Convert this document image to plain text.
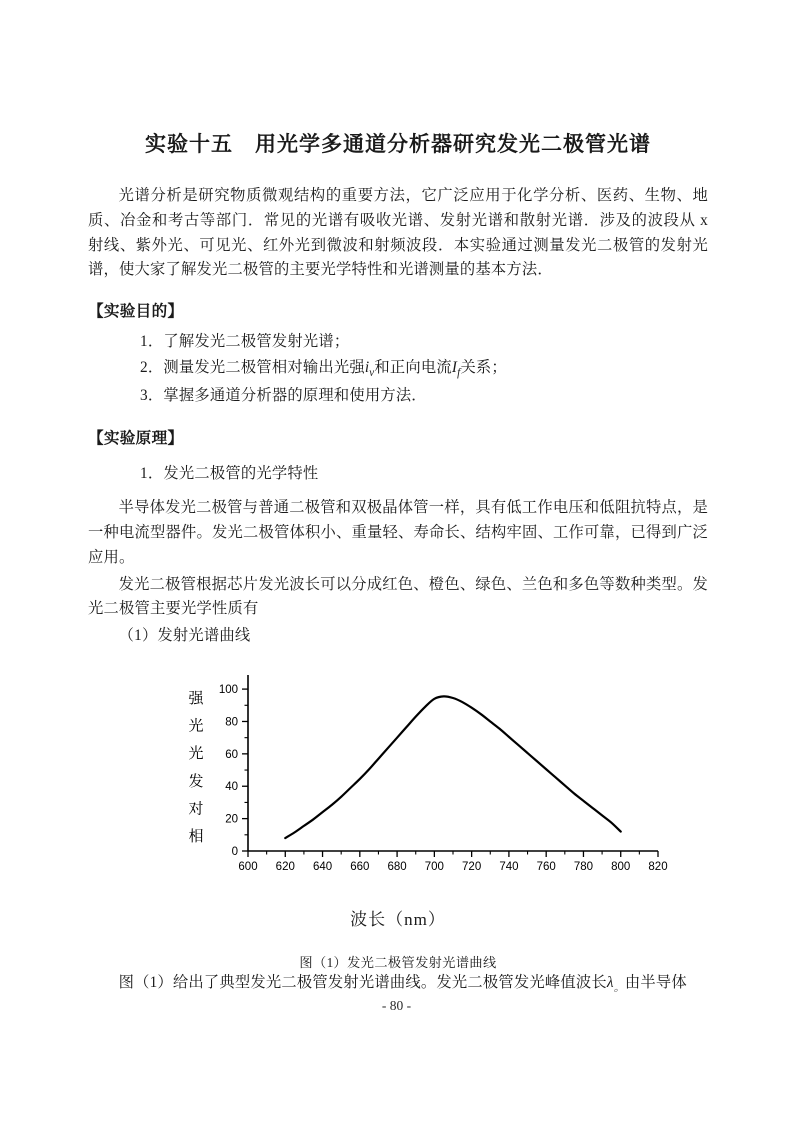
实验十五　用光学多通道分析器研究发光二极管光谱

光谱分析是研究物质微观结构的重要方法，它广泛应用于化学分析、医药、生物、地质、冶金和考古等部门．常见的光谱有吸收光谱、发射光谱和散射光谱．涉及的波段从 x 射线、紫外光、可见光、红外光到微波和射频波段．本实验通过测量发光二极管的发射光谱，使大家了解发光二极管的主要光学特性和光谱测量的基本方法．

【实验目的】
1．了解发光二极管发射光谱；
2．测量发光二极管相对输出光强$i_v$和正向电流$I_f$关系；
3．掌握多通道分析器的原理和使用方法．
【实验原理】
1．发光二极管的光学特性

半导体发光二极管与普通二极管和双极晶体管一样，具有低工作电压和低阻抗特点，是一种电流型器件。发光二极管体积小、重量轻、寿命长、结构牢固、工作可靠，已得到广泛应用。

发光二极管根据芯片发光波长可以分成红色、橙色、绿色、兰色和多色等数种类型。发光二极管主要光学性质有

（1）发射光谱曲线

0
20
40
60
80
100
600 620 640 660 680 700 720 740 760 780 800 820
相
对
发
光
光
强
波长（nm）
图（1）发光二极管发射光谱曲线

图（1）给出了典型发光二极管发射光谱曲线。发光二极管发光峰值波长$\lambda_。$由半导体

- 80 -
